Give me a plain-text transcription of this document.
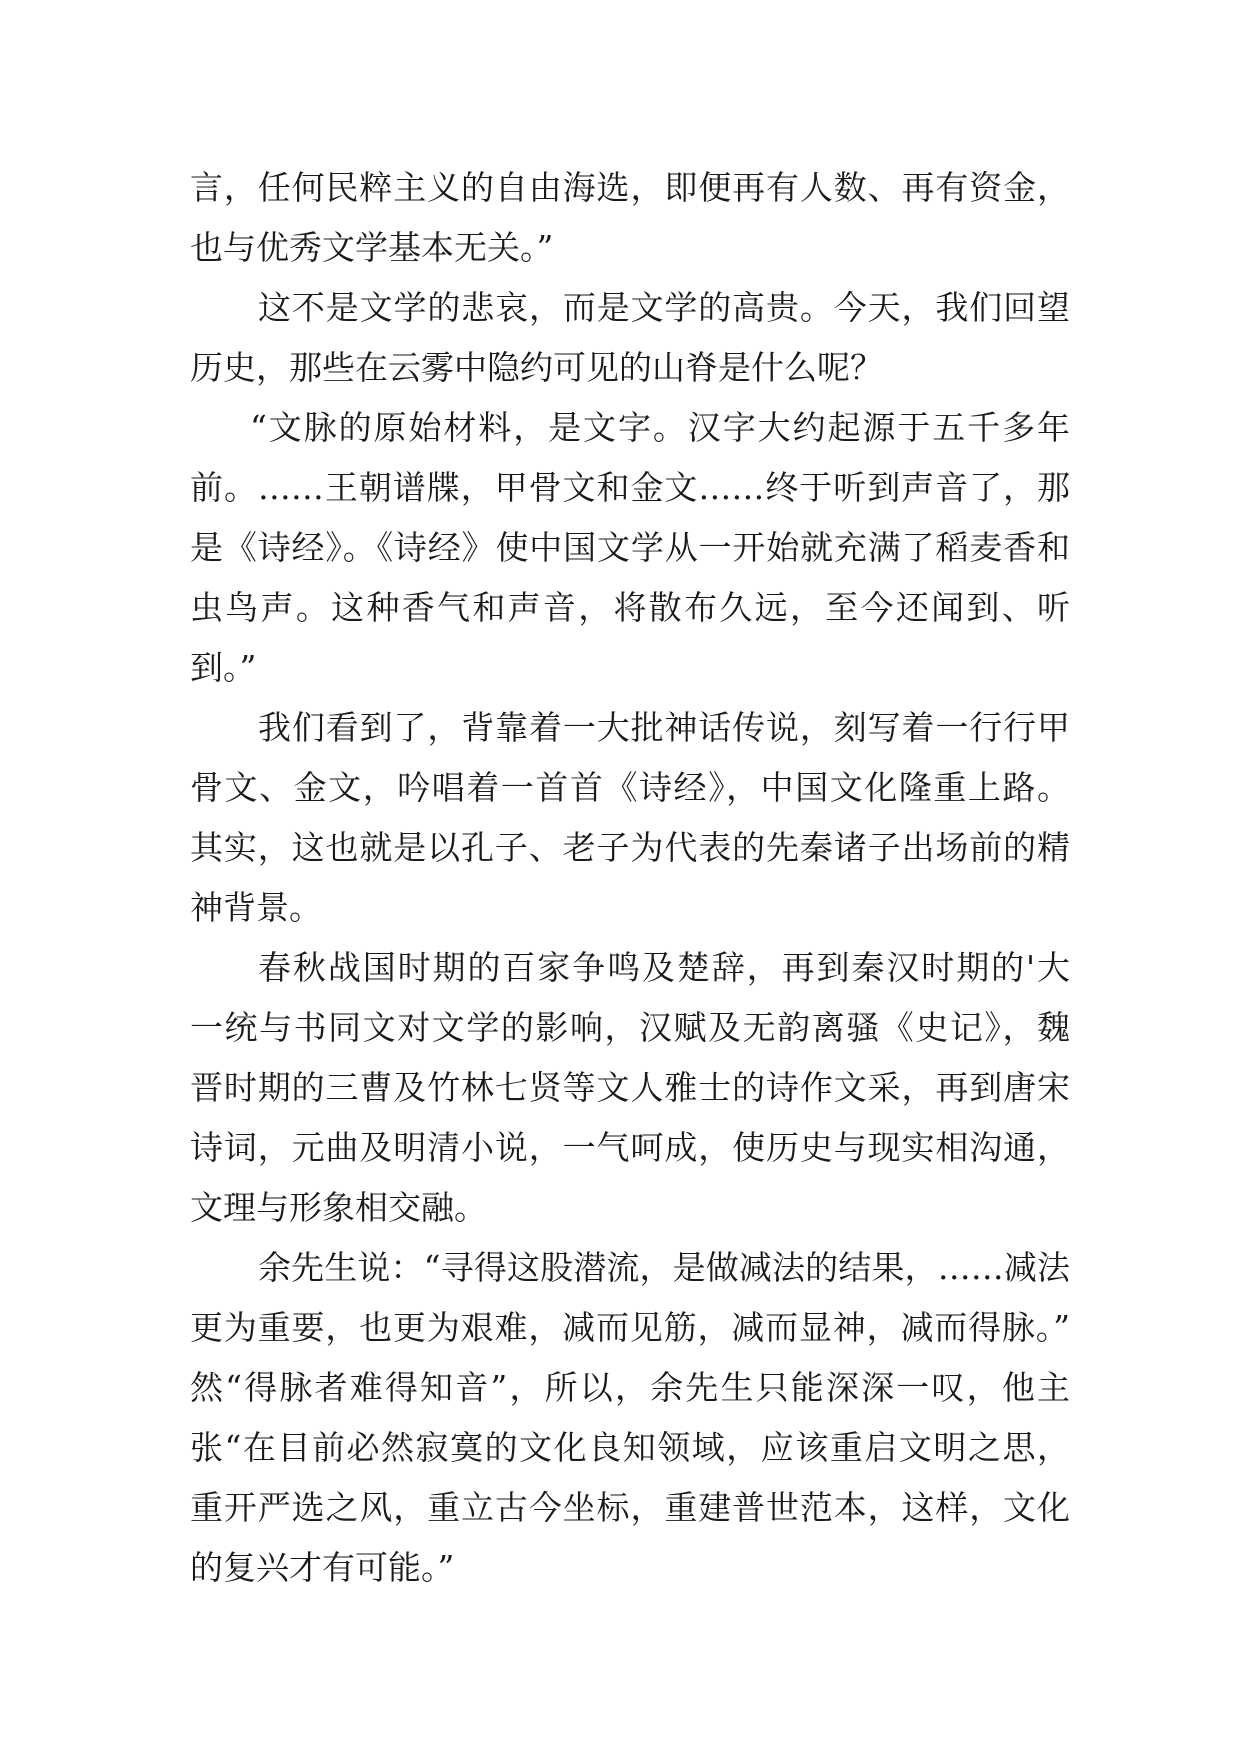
言，任何民粹主义的自由海选，即便再有人数、再有资金，
也与优秀文学基本无关。”
这不是文学的悲哀，而是文学的高贵。今天，我们回望
历史，那些在云雾中隐约可见的山脊是什么呢？
“文脉的原始材料，是文字。汉字大约起源于五千多年
前。……王朝谱牒，甲骨文和金文……终于听到声音了，那
是《诗经》。《诗经》使中国文学从一开始就充满了稻麦香和
虫鸟声。这种香气和声音，将散布久远，至今还闻到、听
到。”
我们看到了，背靠着一大批神话传说，刻写着一行行甲
骨文、金文，吟唱着一首首《诗经》，中国文化隆重上路。
其实，这也就是以孔子、老子为代表的先秦诸子出场前的精
神背景。
春秋战国时期的百家争鸣及楚辞，再到秦汉时期的'大
一统与书同文对文学的影响，汉赋及无韵离骚《史记》，魏
晋时期的三曹及竹林七贤等文人雅士的诗作文采，再到唐宋
诗词，元曲及明清小说，一气呵成，使历史与现实相沟通，
文理与形象相交融。
余先生说：“寻得这股潜流，是做减法的结果，……减法
更为重要，也更为艰难，减而见筋，减而显神，减而得脉。”
然“得脉者难得知音”，所以，余先生只能深深一叹，他主
张“在目前必然寂寞的文化良知领域，应该重启文明之思，
重开严选之风，重立古今坐标，重建普世范本，这样，文化
的复兴才有可能。”
